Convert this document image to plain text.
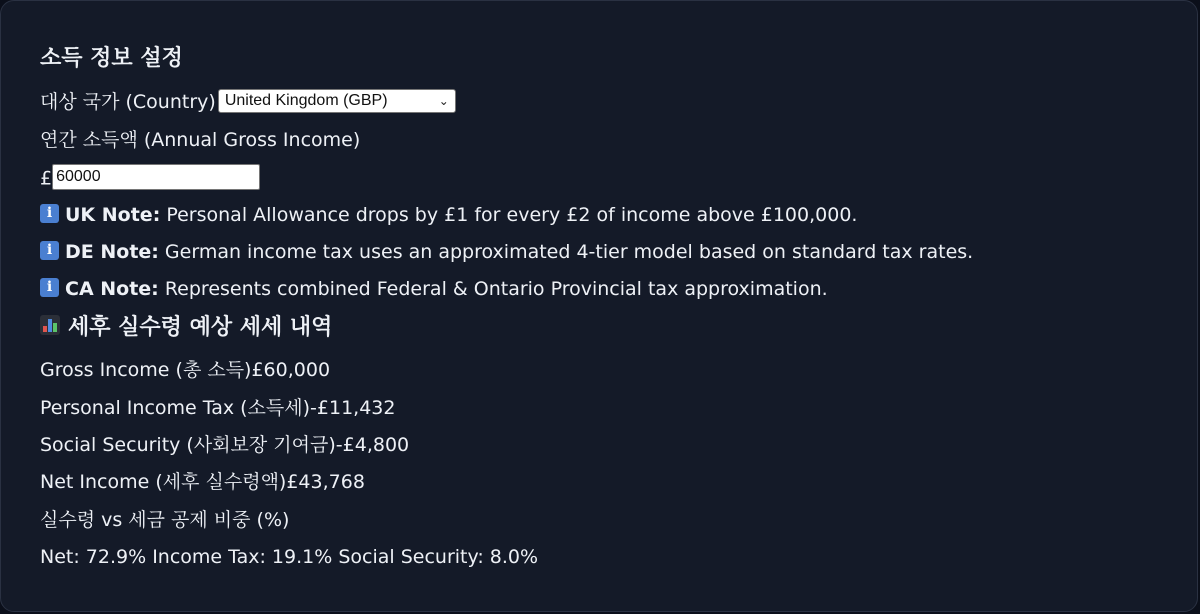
소득 정보 설정
대상 국가 (Country) United Kingdom (GBP)	⌄
연간 소득액 (Annual Gross Income)
£ 60000
i UK Note: Personal Allowance drops by £1 for every £2 of income above £100,000.
i DE Note: German income tax uses an approximated 4-tier model based on standard tax rates.
i CA Note: Represents combined Federal & Ontario Provincial tax approximation.
세후 실수령 예상 세세 내역
Gross Income (총 소득)£60,000
Personal Income Tax (소득세)-£11,432
Social Security (사회보장 기여금)-£4,800
Net Income (세후 실수령액)£43,768
실수령 vs 세금 공제 비중 (%)
Net: 72.9% Income Tax: 19.1% Social Security: 8.0%
